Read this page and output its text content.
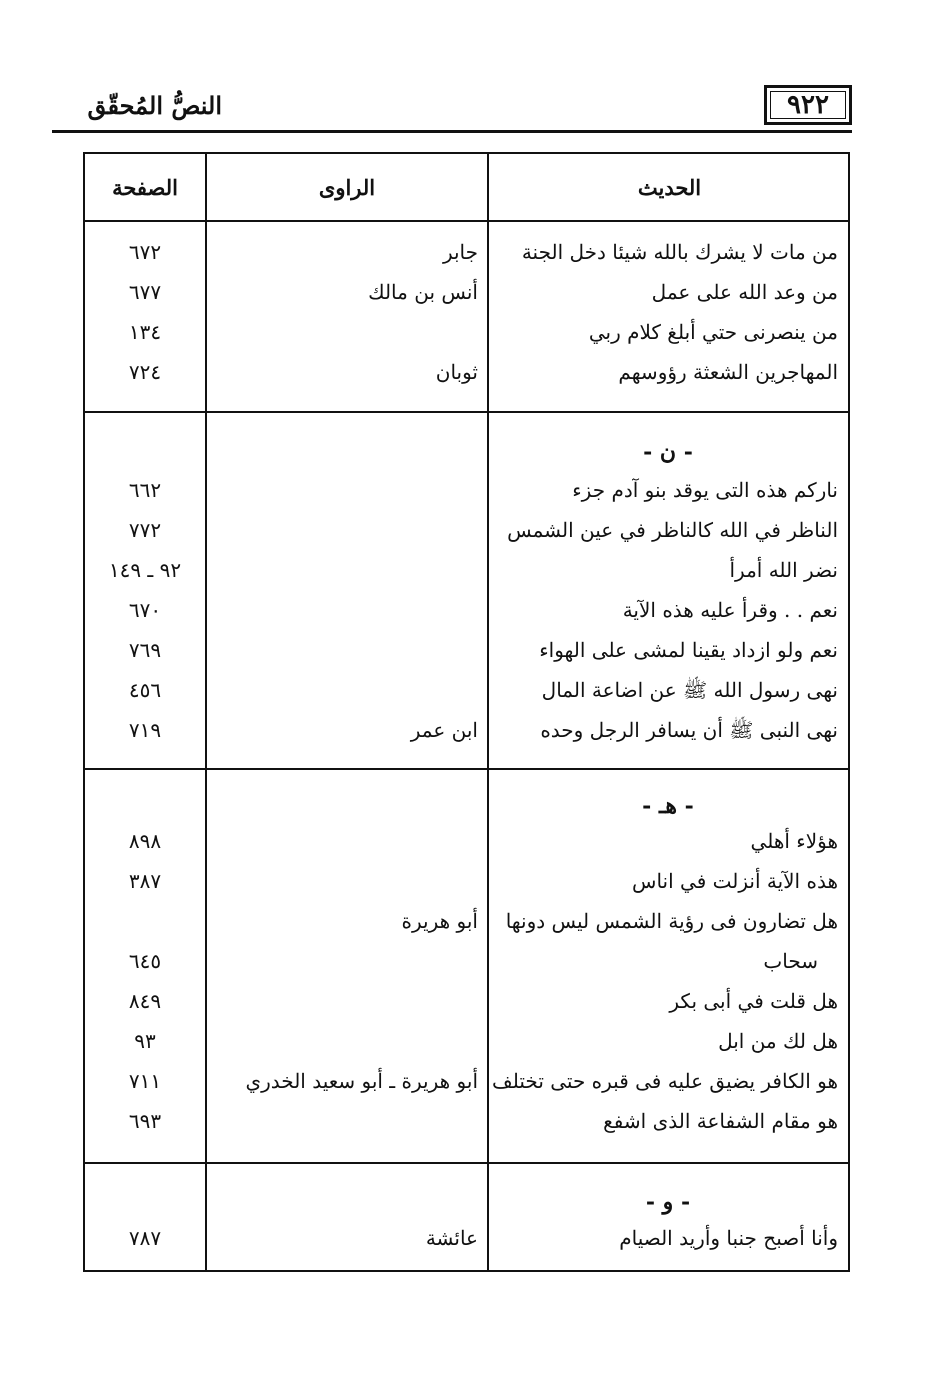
٩٢٢
النصُّ المُحقّق
الصفحة	الراوى	الحديث
من مات لا يشرك بالله شيئا دخل الجنة
جابر
٦٧٢
من وعد الله على عمل
أنس بن مالك
٦٧٧
من ينصرنى حتي أبلغ كلام ربي
١٣٤
المهاجرين الشعثة رؤوسهم
ثوبان
٧٢٤
- ن -
ناركم هذه التى يوقد بنو آدم جزء
٦٦٢
الناظر في الله كالناظر في عين الشمس
٧٧٢
نضر الله أمرأ
٩٢ ـ ١٤٩
نعم . . وقرأ عليه هذه الآية
٦٧٠
نعم ولو ازداد يقينا لمشى على الهواء
٧٦٩
نهى رسول الله ﷺ عن اضاعة المال
٤٥٦
نهى النبى ﷺ أن يسافر الرجل وحده
ابن عمر
٧١٩
- هـ -
هؤلاء أهلي
٨٩٨
هذه الآية أنزلت في اناس
٣٨٧
هل تضارون فى رؤية الشمس ليس دونها
أبو هريرة
سحاب
٦٤٥
هل قلت في أبى بكر
٨٤٩
هل لك من ابل
٩٣
هو الكافر يضيق عليه فى قبره حتى تختلف
أبو هريرة ـ أبو سعيد الخدري
٧١١
هو مقام الشفاعة الذى اشفع
٦٩٣
- و -
وأنا أصبح جنبا وأريد الصيام
عائشة
٧٨٧
